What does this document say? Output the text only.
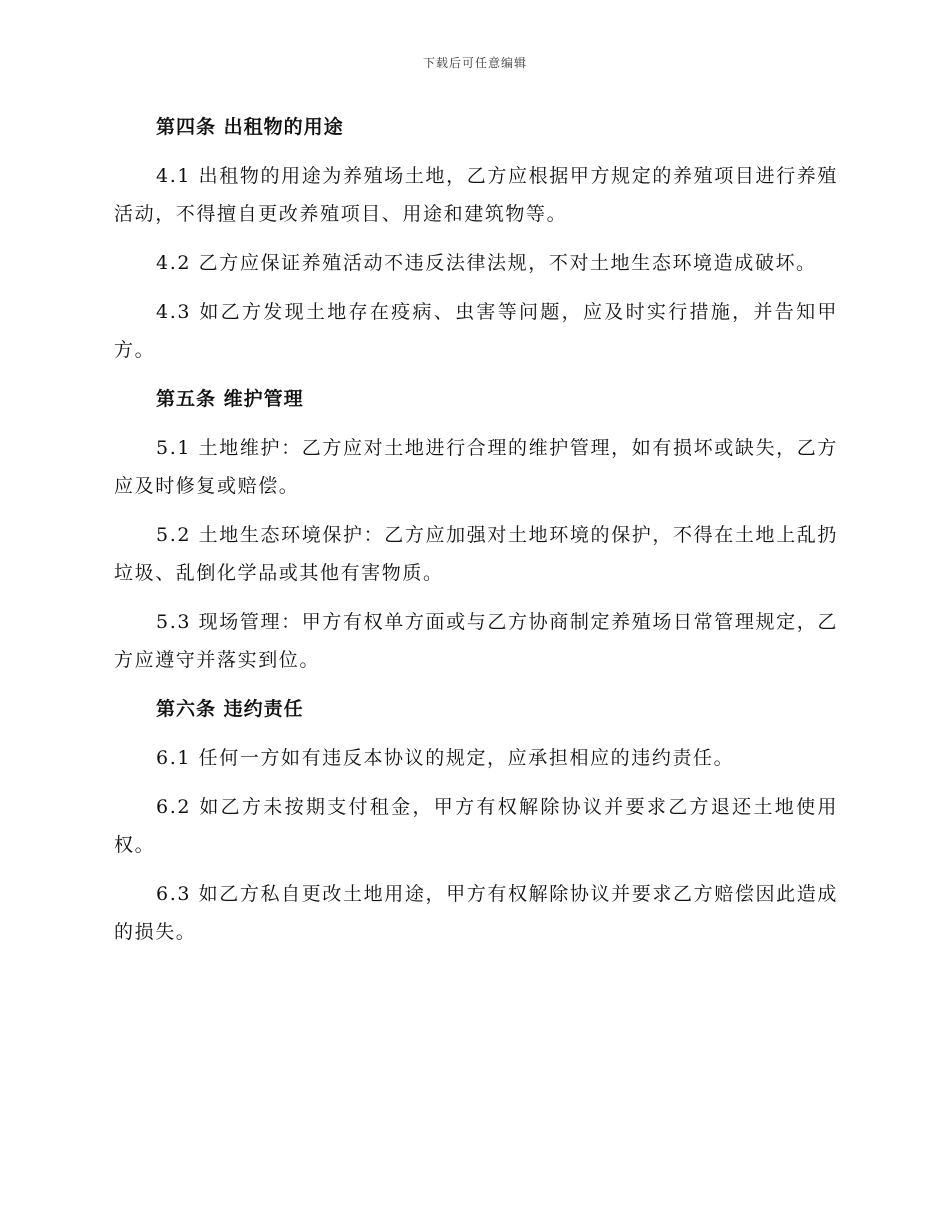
下载后可任意编辑
第四条 出租物的用途

4.1 出租物的用途为养殖场土地，乙方应根据甲方规定的养殖项目进行养殖活动，不得擅自更改养殖项目、用途和建筑物等。

4.2 乙方应保证养殖活动不违反法律法规，不对土地生态环境造成破坏。

4.3 如乙方发现土地存在疫病、虫害等问题，应及时实行措施，并告知甲方。

第五条 维护管理

5.1 土地维护：乙方应对土地进行合理的维护管理，如有损坏或缺失，乙方应及时修复或赔偿。

5.2 土地生态环境保护：乙方应加强对土地环境的保护，不得在土地上乱扔垃圾、乱倒化学品或其他有害物质。

5.3 现场管理：甲方有权单方面或与乙方协商制定养殖场日常管理规定，乙方应遵守并落实到位。

第六条 违约责任

6.1 任何一方如有违反本协议的规定，应承担相应的违约责任。

6.2 如乙方未按期支付租金，甲方有权解除协议并要求乙方退还土地使用权。

6.3 如乙方私自更改土地用途，甲方有权解除协议并要求乙方赔偿因此造成的损失。
